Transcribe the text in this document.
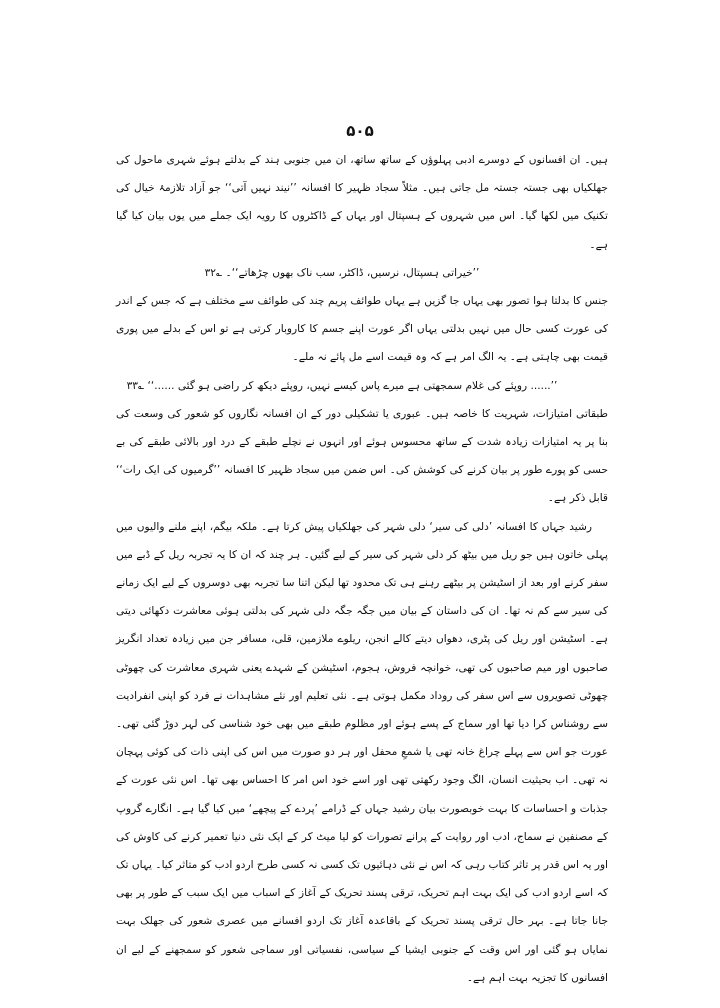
۵۰۵

ہیں۔ ان افسانوں کے دوسرے ادبی پہلوؤں کے ساتھ ساتھ، ان میں جنوبی ہند کے بدلتے ہوئے شہری ماحول کی جھلکیاں بھی جستہ جستہ مل جاتی ہیں۔ مثلاً سجاد ظہیر کا افسانہ ’’نیند نہیں آتی‘‘ جو آزاد تلازمۂ خیال کی تکنیک میں لکھا گیا۔ اس میں شہروں کے ہسپتال اور یہاں کے ڈاکٹروں کا رویہ ایک جملے میں یوں بیان کیا گیا ہے۔

’’خیراتی ہسپتال، نرسیں، ڈاکٹر، سب ناک بھوں چڑھاتے‘‘۔ ؎۳۲

جنس کا بدلتا ہوا تصور بھی یہاں جا گزیں ہے یہاں طوائف پریم چند کی طوائف سے مختلف ہے کہ جس کے اندر کی عورت کسی حال میں نہیں بدلتی یہاں اگر عورت اپنے جسم کا کاروبار کرتی ہے تو اس کے بدلے میں پوری قیمت بھی چاہتی ہے۔ یہ الگ امر ہے کہ وہ قیمت اسے مل پائے نہ ملے۔

’’...... روپئے کی غلام سمجھتی ہے میرے پاس کیسے نہیں، روپئے دیکھ کر راضی ہو گئی ......‘‘ ؎۳۳

طبقاتی امتیازات، شہریت کا خاصہ ہیں۔ عبوری یا تشکیلی دور کے ان افسانہ نگاروں کو شعور کی وسعت کی بنا پر یہ امتیازات زیادہ شدت کے ساتھ محسوس ہوئے اور انہوں نے نچلے طبقے کے درد اور بالائی طبقے کی بے حسی کو پورے طور پر بیان کرنے کی کوشش کی۔ اس ضمن میں سجاد ظہیر کا افسانہ ’’گرمیوں کی ایک رات‘‘ قابل ذکر ہے۔

رشید جہاں کا افسانہ ’دلی کی سیر‘ دلی شہر کی جھلکیاں پیش کرتا ہے۔ ملکہ بیگم، اپنے ملنے والیوں میں پہلی خاتون ہیں جو ریل میں بیٹھ کر دلی شہر کی سیر کے لیے گئیں۔ ہر چند کہ ان کا یہ تجربہ ریل کے ڈبے میں سفر کرنے اور بعد از اسٹیشن پر بیٹھے رہنے ہی تک محدود تھا لیکن اتنا سا تجربہ بھی دوسروں کے لیے ایک زمانے کی سیر سے کم نہ تھا۔ ان کی داستان کے بیان میں جگہ جگہ دلی شہر کی بدلتی ہوئی معاشرت دکھائی دیتی ہے۔ اسٹیشن اور ریل کی پٹری، دھواں دیتے کالے انجن، ریلوے ملازمین، قلی، مسافر جن میں زیادہ تعداد انگریز صاحبوں اور میم صاحبوں کی تھی، خوانچہ فروش، ہجوم، اسٹیشن کے شہدے یعنی شہری معاشرت کی چھوٹی چھوٹی تصویروں سے اس سفر کی روداد مکمل ہوتی ہے۔ نئی تعلیم اور نئے مشاہدات نے فرد کو اپنی انفرادیت سے روشناس کرا دیا تھا اور سماج کے پسے ہوئے اور مظلوم طبقے میں بھی خود شناسی کی لہر دوڑ گئی تھی۔ عورت جو اس سے پہلے چراغ خانہ تھی یا شمعِ محفل اور ہر دو صورت میں اس کی اپنی ذات کی کوئی پہچان نہ تھی۔ اب بحیثیت انسان، الگ وجود رکھتی تھی اور اسے خود اس امر کا احساس بھی تھا۔ اس نئی عورت کے جذبات و احساسات کا بہت خوبصورت بیان رشید جہاں کے ڈرامے ’پردے کے پیچھے‘ میں کیا گیا ہے۔ انگارے گروپ کے مصنفین نے سماج، ادب اور روایت کے پرانے تصورات کو لیا میٹ کر کے ایک نئی دنیا تعمیر کرنے کی کاوش کی اور یہ اس قدر پر تاثر کتاب رہی کہ اس نے نئی دہائیوں تک کسی نہ کسی طرح اردو ادب کو متاثر کیا۔ یہاں تک کہ اسے اردو ادب کی ایک بہت اہم تحریک، ترقی پسند تحریک کے آغاز کے اسباب میں ایک سبب کے طور پر بھی جانا جاتا ہے۔ بہر حال ترقی پسند تحریک کے باقاعدہ آغاز تک اردو افسانے میں عصری شعور کی جھلک بہت نمایاں ہو گئی اور اس وقت کے جنوبی ایشیا کے سیاسی، نفسیاتی اور سماجی شعور کو سمجھنے کے لیے ان افسانوں کا تجزیہ بہت اہم ہے۔
